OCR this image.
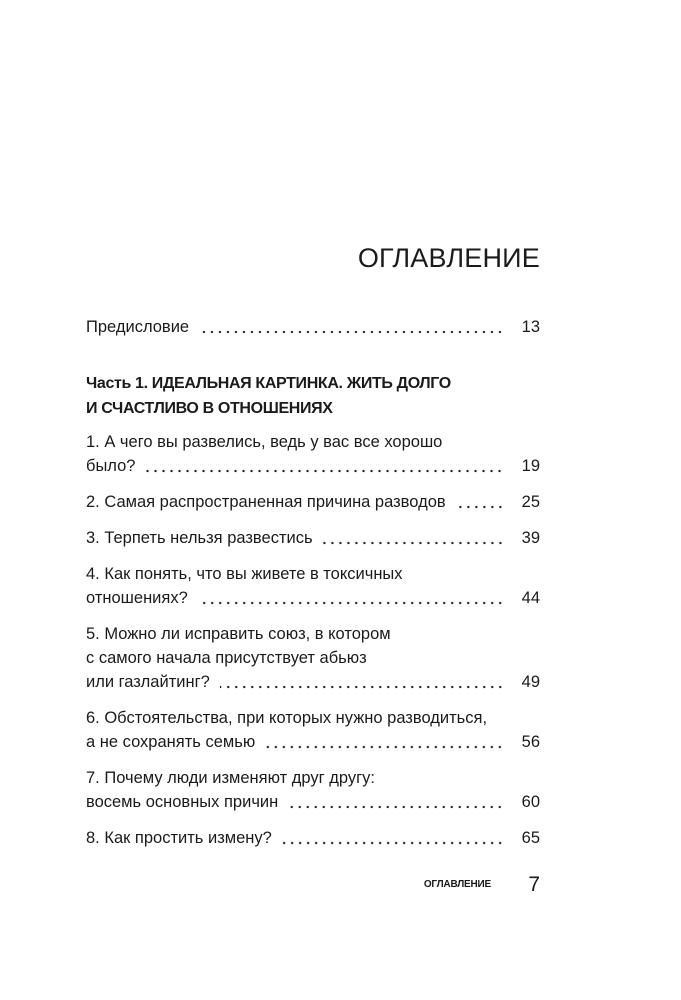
ОГЛАВЛЕНИЕ
Предисловие	13
Часть 1. ИДЕАЛЬНАЯ КАРТИНКА. ЖИТЬ ДОЛГО
И СЧАСТЛИВО В ОТНОШЕНИЯХ
1. А чего вы развелись, ведь у вас все хорошо
было?	19
2. Самая распространенная причина разводов	25
3. Терпеть нельзя развестись	39
4. Как понять, что вы живете в токсичных
отношениях?	44
5. Можно ли исправить союз, в котором
с самого начала присутствует абьюз
или газлайтинг?	49
6. Обстоятельства, при которых нужно разводиться,
а не сохранять семью	56
7. Почему люди изменяют друг другу:
восемь основных причин	60
8. Как простить измену?	65
ОГЛАВЛЕНИЕ	7
